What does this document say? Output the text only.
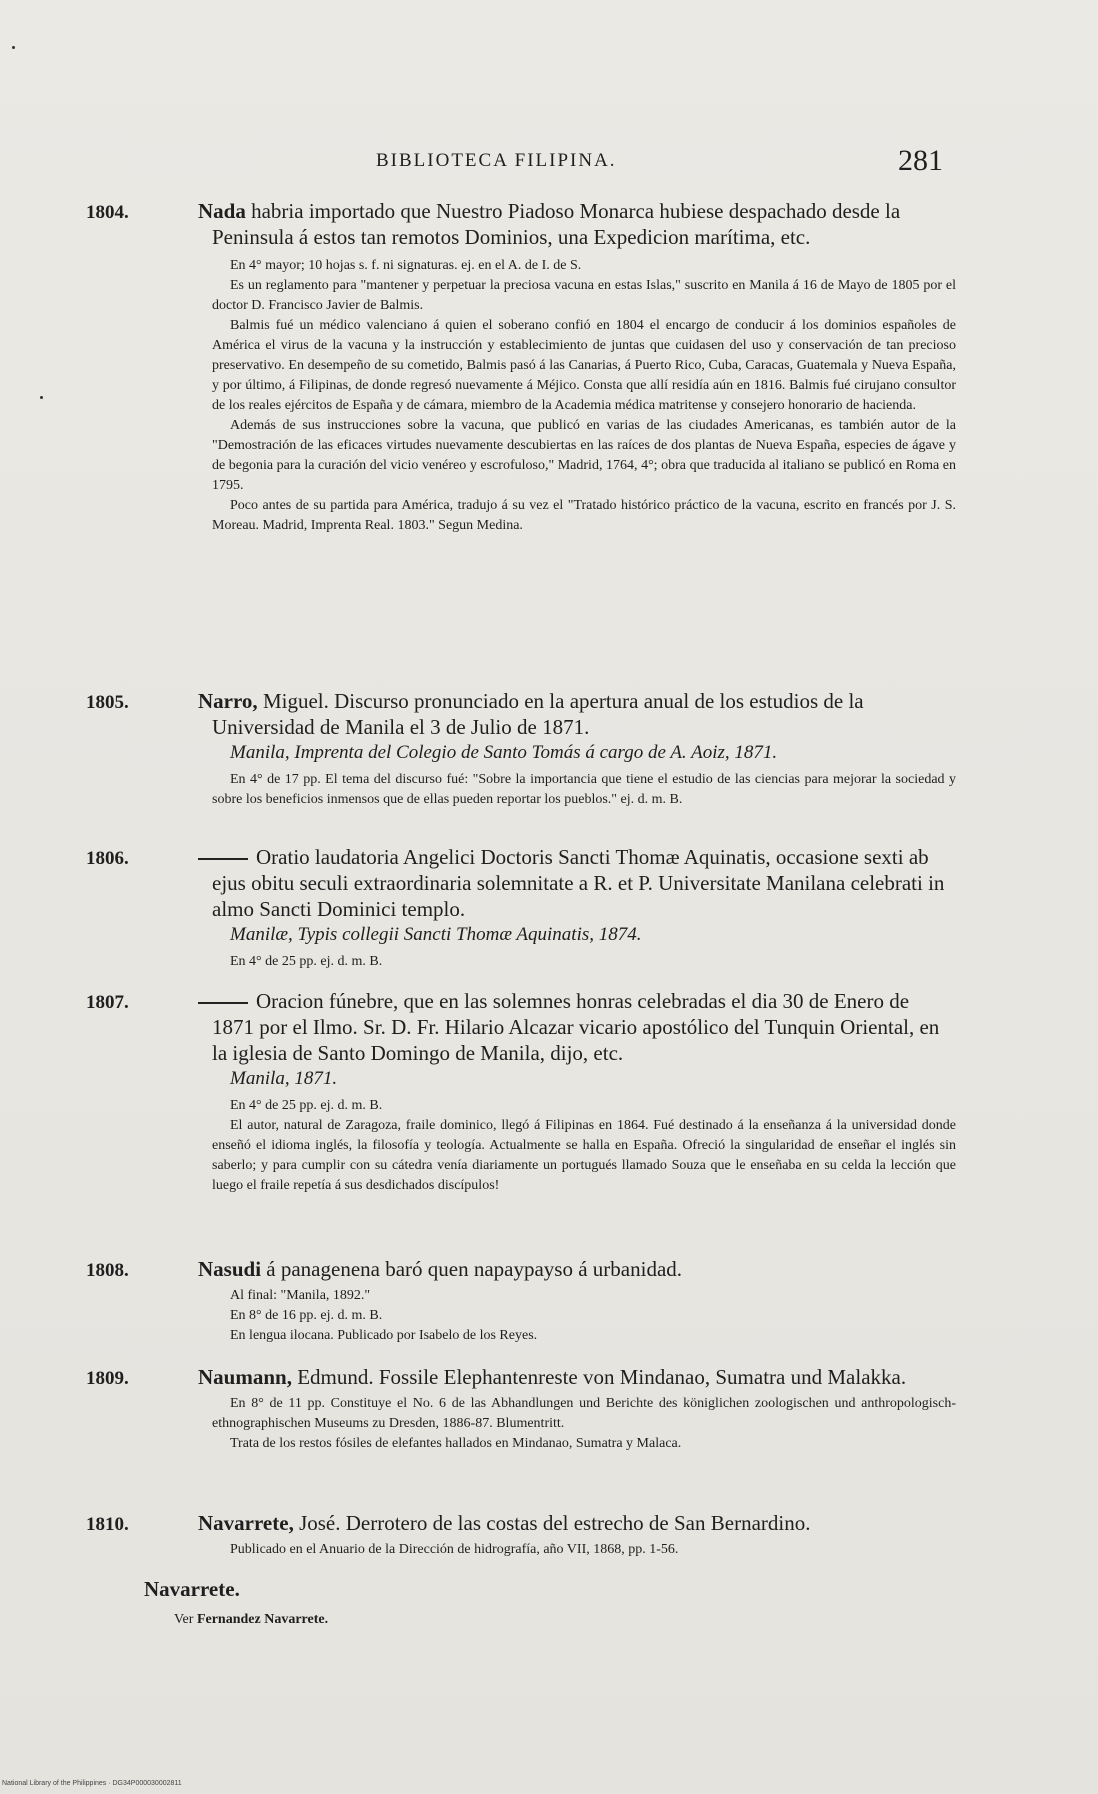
BIBLIOTECA FILIPINA.	281
1804.	Nada habria importado que Nuestro Piadoso Monarca hubiese despachado desde la Peninsula á estos tan remotos Dominios, una Expedicion marítima, etc.
En 4° mayor; 10 hojas s. f. ni signaturas. ej. en el A. de I. de S.
Es un reglamento para "mantener y perpetuar la preciosa vacuna en estas Islas," suscrito en Manila á 16 de Mayo de 1805 por el doctor D. Francisco Javier de Balmis.
Balmis fué un médico valenciano á quien el soberano confió en 1804 el encargo de conducir á los dominios españoles de América el virus de la vacuna y la instrucción y establecimiento de juntas que cuidasen del uso y conservación de tan precioso preservativo. En desempeño de su cometido, Balmis pasó á las Canarias, á Puerto Rico, Cuba, Caracas, Guatemala y Nueva España, y por último, á Filipinas, de donde regresó nuevamente á Méjico. Consta que allí residía aún en 1816. Balmis fué cirujano consultor de los reales ejércitos de España y de cámara, miembro de la Academia médica matritense y consejero honorario de hacienda.
Además de sus instrucciones sobre la vacuna, que publicó en varias de las ciudades Americanas, es también autor de la "Demostración de las eficaces virtudes nuevamente descubiertas en las raíces de dos plantas de Nueva España, especies de ágave y de begonia para la curación del vicio venéreo y escrofuloso," Madrid, 1764, 4°; obra que traducida al italiano se publicó en Roma en 1795.
Poco antes de su partida para América, tradujo á su vez el "Tratado histórico práctico de la vacuna, escrito en francés por J. S. Moreau. Madrid, Imprenta Real. 1803." Segun Medina.
1805.	Narro, Miguel. Discurso pronunciado en la apertura anual de los estudios de la Universidad de Manila el 3 de Julio de 1871.
Manila, Imprenta del Colegio de Santo Tomás á cargo de A. Aoiz, 1871.
En 4° de 17 pp. El tema del discurso fué: "Sobre la importancia que tiene el estudio de las ciencias para mejorar la sociedad y sobre los beneficios inmensos que de ellas pueden reportar los pueblos." ej. d. m. B.
1806.	Oratio laudatoria Angelici Doctoris Sancti Thomæ Aquinatis, occasione sexti ab ejus obitu seculi extraordinaria solemnitate a R. et P. Universitate Manilana celebrati in almo Sancti Dominici templo.
Manilæ, Typis collegii Sancti Thomæ Aquinatis, 1874.
En 4° de 25 pp. ej. d. m. B.
1807.	Oracion fúnebre, que en las solemnes honras celebradas el dia 30 de Enero de 1871 por el Ilmo. Sr. D. Fr. Hilario Alcazar vicario apostólico del Tunquin Oriental, en la iglesia de Santo Domingo de Manila, dijo, etc.
Manila, 1871.
En 4° de 25 pp. ej. d. m. B.
El autor, natural de Zaragoza, fraile dominico, llegó á Filipinas en 1864. Fué destinado á la enseñanza á la universidad donde enseñó el idioma inglés, la filosofía y teología. Actualmente se halla en España. Ofreció la singularidad de enseñar el inglés sin saberlo; y para cumplir con su cátedra venía diariamente un portugués llamado Souza que le enseñaba en su celda la lección que luego el fraile repetía á sus desdichados discípulos!
1808.	Nasudi á panagenena baró quen napaypayso á urbanidad.
Al final: "Manila, 1892."
En 8° de 16 pp. ej. d. m. B.
En lengua ilocana. Publicado por Isabelo de los Reyes.
1809.	Naumann, Edmund. Fossile Elephantenreste von Mindanao, Sumatra und Malakka.
En 8° de 11 pp. Constituye el No. 6 de las Abhandlungen und Berichte des königlichen zoologischen und anthropologisch-ethnographischen Museums zu Dresden, 1886-87. Blumentritt.
Trata de los restos fósiles de elefantes hallados en Mindanao, Sumatra y Malaca.
1810.	Navarrete, José. Derrotero de las costas del estrecho de San Bernardino.
Publicado en el Anuario de la Dirección de hidrografía, año VII, 1868, pp. 1-56.
Navarrete.
Ver Fernandez Navarrete.
National Library of the Philippines · DG34P000030002811
